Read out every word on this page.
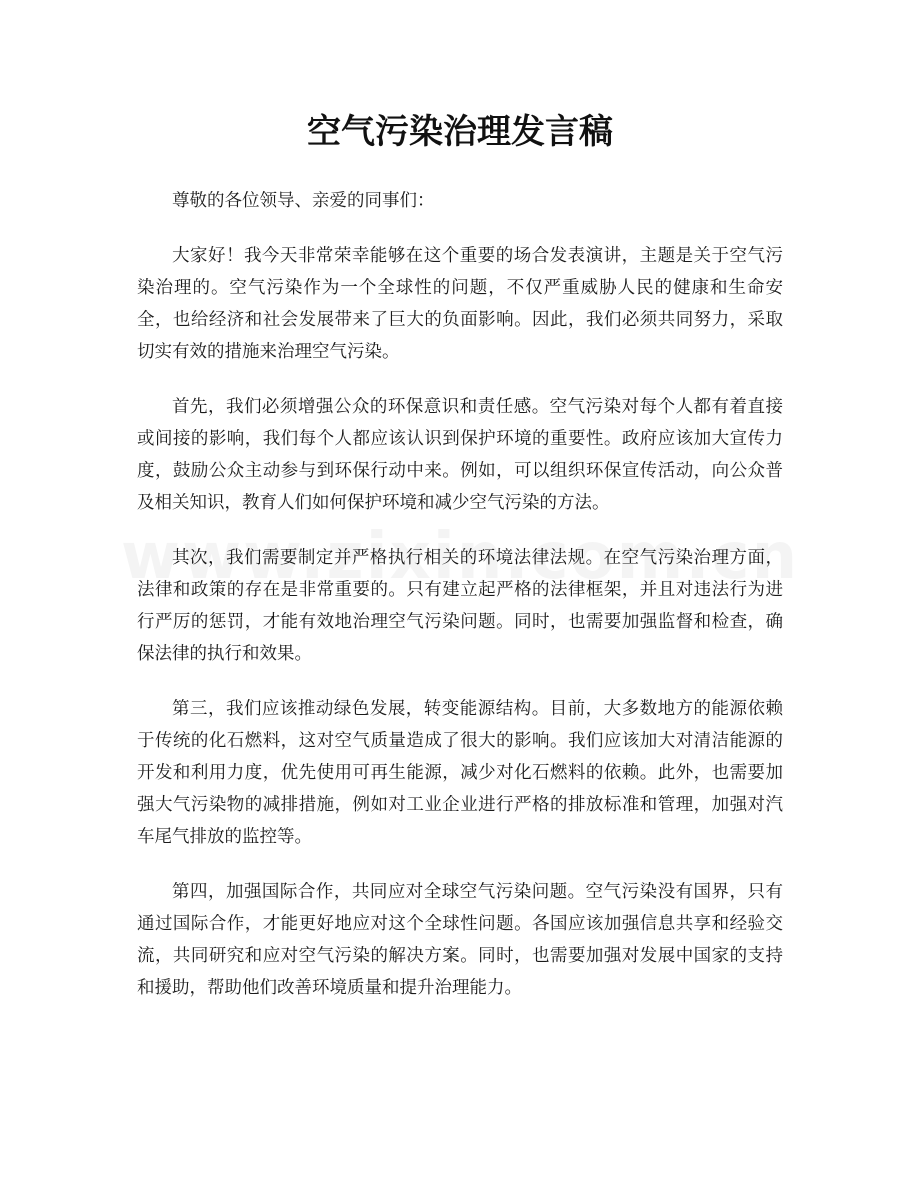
空气污染治理发言稿

尊敬的各位领导、亲爱的同事们：

大家好！我今天非常荣幸能够在这个重要的场合发表演讲，主题是关于空气污染治理的。空气污染作为一个全球性的问题，不仅严重威胁人民的健康和生命安全，也给经济和社会发展带来了巨大的负面影响。因此，我们必须共同努力，采取切实有效的措施来治理空气污染。

首先，我们必须增强公众的环保意识和责任感。空气污染对每个人都有着直接或间接的影响，我们每个人都应该认识到保护环境的重要性。政府应该加大宣传力度，鼓励公众主动参与到环保行动中来。例如，可以组织环保宣传活动，向公众普及相关知识，教育人们如何保护环境和减少空气污染的方法。

其次，我们需要制定并严格执行相关的环境法律法规。在空气污染治理方面，法律和政策的存在是非常重要的。只有建立起严格的法律框架，并且对违法行为进行严厉的惩罚，才能有效地治理空气污染问题。同时，也需要加强监督和检查，确保法律的执行和效果。

第三，我们应该推动绿色发展，转变能源结构。目前，大多数地方的能源依赖于传统的化石燃料，这对空气质量造成了很大的影响。我们应该加大对清洁能源的开发和利用力度，优先使用可再生能源，减少对化石燃料的依赖。此外，也需要加强大气污染物的减排措施，例如对工业企业进行严格的排放标准和管理，加强对汽车尾气排放的监控等。

第四，加强国际合作，共同应对全球空气污染问题。空气污染没有国界，只有通过国际合作，才能更好地应对这个全球性问题。各国应该加强信息共享和经验交流，共同研究和应对空气污染的解决方案。同时，也需要加强对发展中国家的支持和援助，帮助他们改善环境质量和提升治理能力。
